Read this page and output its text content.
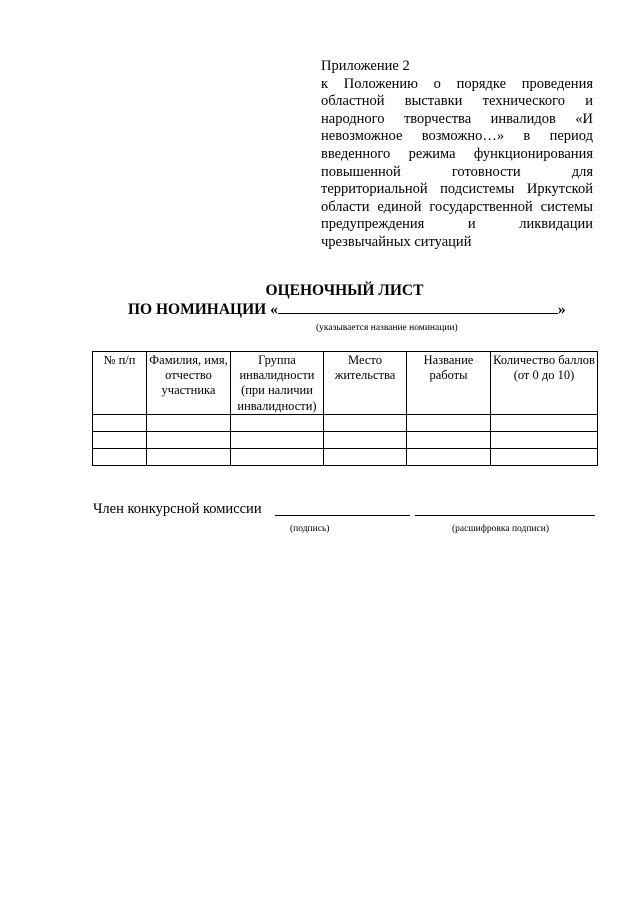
Приложение 2
к Положению о порядке проведения областной выставки технического и народного творчества инвалидов «И невозможное возможно…» в период введенного режима функционирования повышенной готовности для территориальной подсистемы Иркутской области единой государственной системы предупреждения и ликвидации чрезвычайных ситуаций
ОЦЕНОЧНЫЙ ЛИСТ
ПО НОМИНАЦИИ «	»
(указывается название номинации)
№ п/п	Фамилия, имя, отчество участника	Группа инвалидности (при наличии инвалидности)	Место жительства	Название работы	Количество баллов (от 0 до 10)

Член конкурсной комиссии
(подпись)	(расшифровка подписи)
